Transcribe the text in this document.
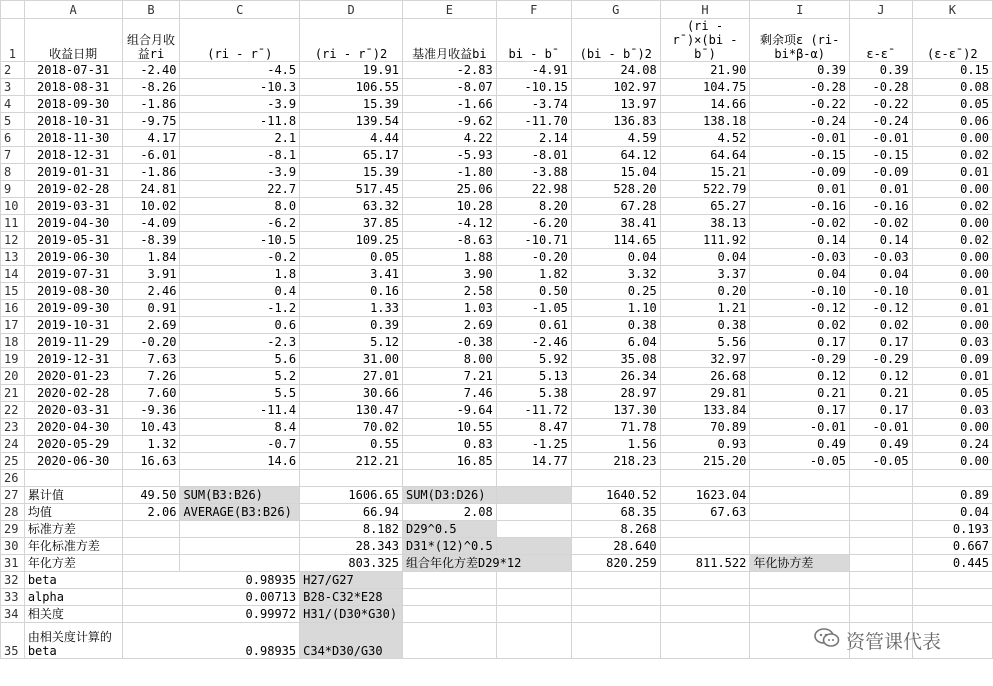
	A	B	C	D	E	F	G	H	I	J	K
1	收益日期	组合月收益ri	(ri - r¯)	(ri - r¯)2	基准月收益bi	bi - b¯	(bi - b¯)2	(ri - r¯)×(bi - b¯)	剩余项ε (ri-bi*β-α)	ε-ε¯	(ε-ε¯)2
2	2018-07-31	-2.40	-4.5	19.91	-2.83	-4.91	24.08	21.90	0.39	0.39	0.15
3	2018-08-31	-8.26	-10.3	106.55	-8.07	-10.15	102.97	104.75	-0.28	-0.28	0.08
4	2018-09-30	-1.86	-3.9	15.39	-1.66	-3.74	13.97	14.66	-0.22	-0.22	0.05
5	2018-10-31	-9.75	-11.8	139.54	-9.62	-11.70	136.83	138.18	-0.24	-0.24	0.06
6	2018-11-30	4.17	2.1	4.44	4.22	2.14	4.59	4.52	-0.01	-0.01	0.00
7	2018-12-31	-6.01	-8.1	65.17	-5.93	-8.01	64.12	64.64	-0.15	-0.15	0.02
8	2019-01-31	-1.86	-3.9	15.39	-1.80	-3.88	15.04	15.21	-0.09	-0.09	0.01
9	2019-02-28	24.81	22.7	517.45	25.06	22.98	528.20	522.79	0.01	0.01	0.00
10	2019-03-31	10.02	8.0	63.32	10.28	8.20	67.28	65.27	-0.16	-0.16	0.02
11	2019-04-30	-4.09	-6.2	37.85	-4.12	-6.20	38.41	38.13	-0.02	-0.02	0.00
12	2019-05-31	-8.39	-10.5	109.25	-8.63	-10.71	114.65	111.92	0.14	0.14	0.02
13	2019-06-30	1.84	-0.2	0.05	1.88	-0.20	0.04	0.04	-0.03	-0.03	0.00
14	2019-07-31	3.91	1.8	3.41	3.90	1.82	3.32	3.37	0.04	0.04	0.00
15	2019-08-30	2.46	0.4	0.16	2.58	0.50	0.25	0.20	-0.10	-0.10	0.01
16	2019-09-30	0.91	-1.2	1.33	1.03	-1.05	1.10	1.21	-0.12	-0.12	0.01
17	2019-10-31	2.69	0.6	0.39	2.69	0.61	0.38	0.38	0.02	0.02	0.00
18	2019-11-29	-0.20	-2.3	5.12	-0.38	-2.46	6.04	5.56	0.17	0.17	0.03
19	2019-12-31	7.63	5.6	31.00	8.00	5.92	35.08	32.97	-0.29	-0.29	0.09
20	2020-01-23	7.26	5.2	27.01	7.21	5.13	26.34	26.68	0.12	0.12	0.01
21	2020-02-28	7.60	5.5	30.66	7.46	5.38	28.97	29.81	0.21	0.21	0.05
22	2020-03-31	-9.36	-11.4	130.47	-9.64	-11.72	137.30	133.84	0.17	0.17	0.03
23	2020-04-30	10.43	8.4	70.02	10.55	8.47	71.78	70.89	-0.01	-0.01	0.00
24	2020-05-29	1.32	-0.7	0.55	0.83	-1.25	1.56	0.93	0.49	0.49	0.24
25	2020-06-30	16.63	14.6	212.21	16.85	14.77	218.23	215.20	-0.05	-0.05	0.00
26											
27	累计值	49.50	SUM(B3:B26)	1606.65	SUM(D3:D26)		1640.52	1623.04			0.89
28	均值	2.06	AVERAGE(B3:B26)	66.94	2.08		68.35	67.63			0.04
29	标准方差			8.182	D29^0.5		8.268				0.193
30	年化标准方差			28.343	D31*(12)^0.5		28.640				0.667
31	年化方差			803.325	组合年化方差D29*12		820.259	811.522	年化协方差		0.445
32	beta	0.98935		H27/G27							
33	alpha	0.00713		B28-C32*E28							
34	相关度	0.99972		H31/(D30*G30)							
35	由相关度计算的beta	0.98935		C34*D30/G30								资管课代表
